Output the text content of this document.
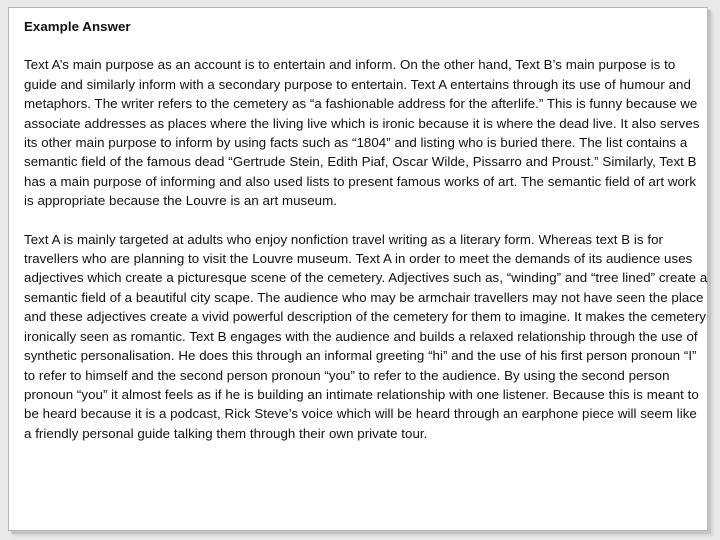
Example Answer

Text A’s main purpose as an account is to entertain and inform. On the other hand, Text B’s main purpose is to guide and similarly inform with a secondary purpose to entertain. Text A entertains through its use of humour and metaphors. The writer refers to the cemetery as “a fashionable address for the afterlife.” This is funny because we associate addresses as places where the living live which is ironic because it is where the dead live. It also serves its other main purpose to inform by using facts such as “1804” and listing who is buried there. The list contains a semantic field of the famous dead “Gertrude Stein, Edith Piaf, Oscar Wilde, Pissarro and Proust.” Similarly, Text B has a main purpose of informing and also used lists to present famous works of art. The semantic field of art work is appropriate because the Louvre is an art museum.

Text A is mainly targeted at adults who enjoy nonfiction travel writing as a literary form. Whereas text B is for travellers who are planning to visit the Louvre museum. Text A in order to meet the demands of its audience uses adjectives which create a picturesque scene of the cemetery. Adjectives such as, “winding” and “tree lined” create a semantic field of a beautiful city scape. The audience who may be armchair travellers may not have seen the place and these adjectives create a vivid powerful description of the cemetery for them to imagine. It makes the cemetery ironically seen as romantic. Text B engages with the audience and builds a relaxed relationship through the use of synthetic personalisation. He does this through an informal greeting “hi” and the use of his first person pronoun “I” to refer to himself and the second person pronoun “you” to refer to the audience. By using the second person pronoun “you” it almost feels as if he is building an intimate relationship with one listener. Because this is meant to be heard because it is a podcast, Rick Steve’s voice which will be heard through an earphone piece will seem like a friendly personal guide talking them through their own private tour.
